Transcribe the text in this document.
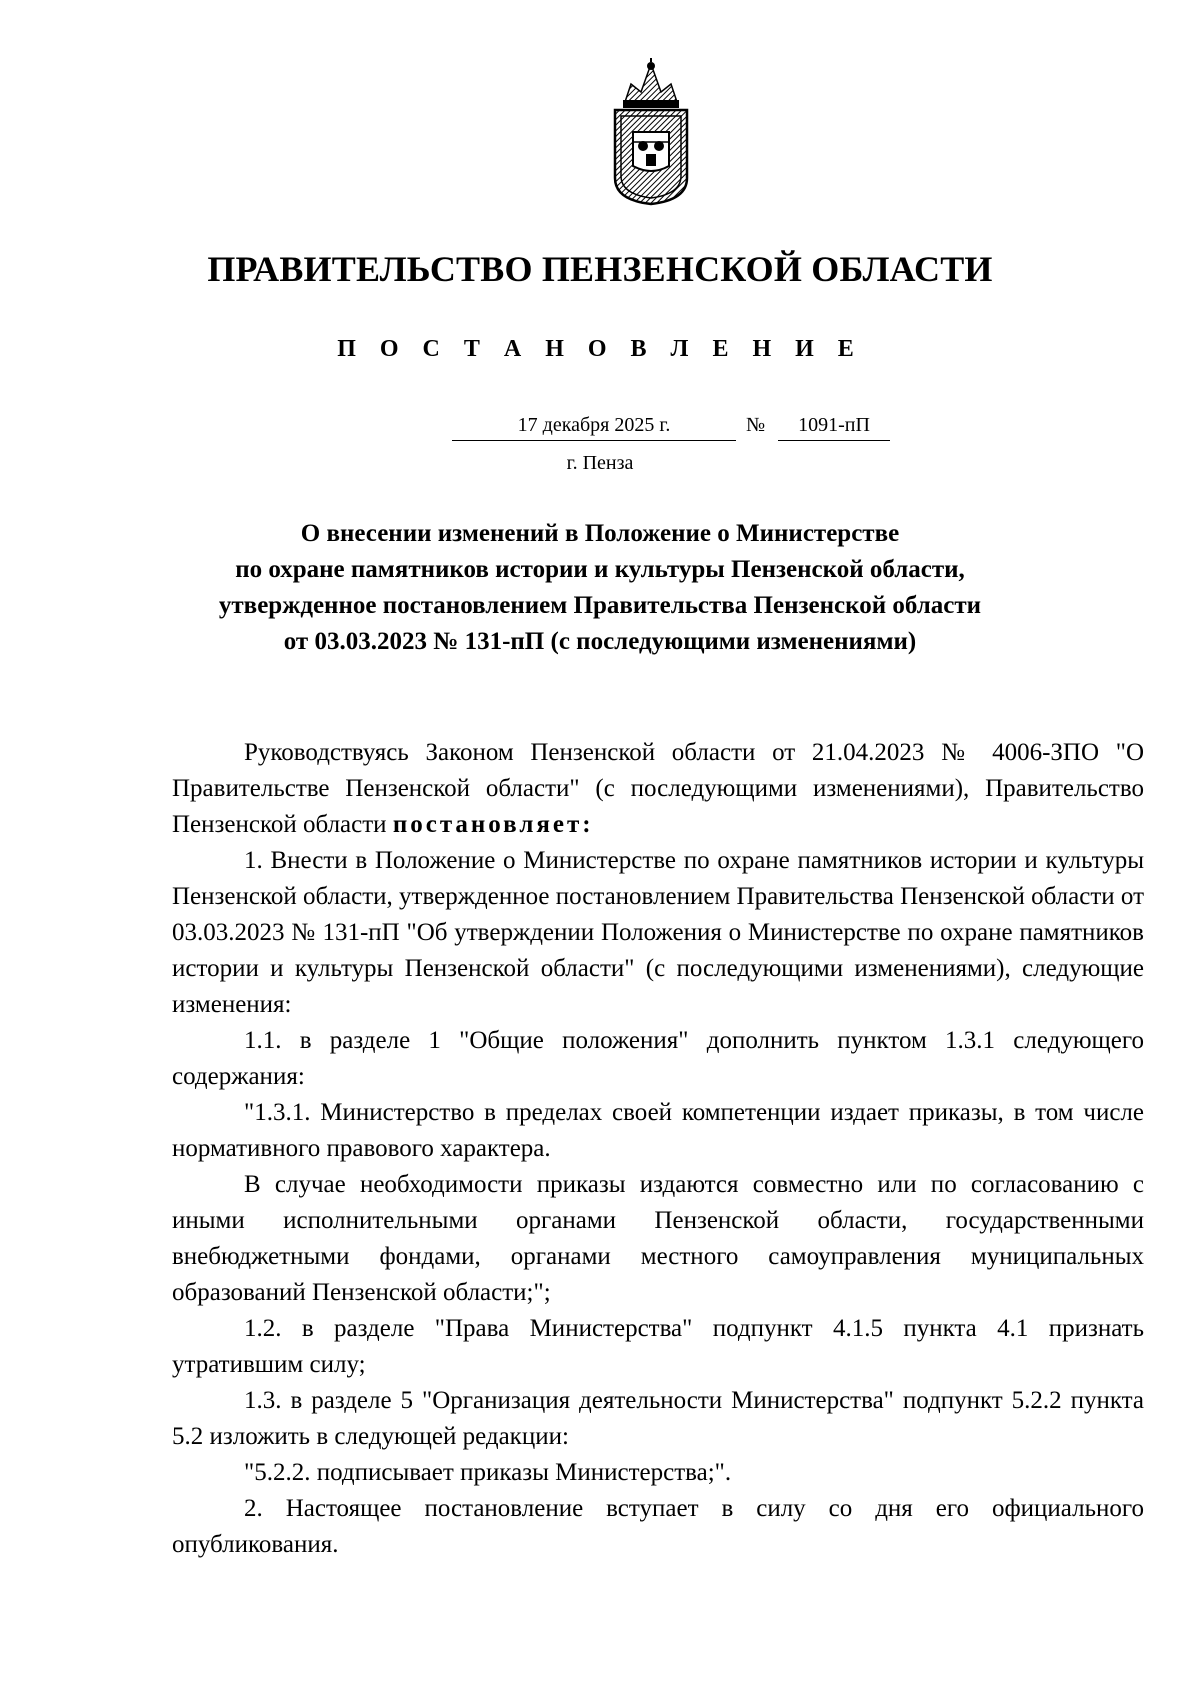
ПРАВИТЕЛЬСТВО ПЕНЗЕНСКОЙ ОБЛАСТИ
П О С Т А Н О В Л Е Н И Е
17 декабря 2025 г.	№	1091-пП
г. Пенза
О внесении изменений в Положение о Министерстве
по охране памятников истории и культуры Пензенской области,
утвержденное постановлением Правительства Пензенской области
от 03.03.2023 № 131-пП (с последующими изменениями)

Руководствуясь Законом Пензенской области от 21.04.2023 № 4006-ЗПО "О Правительстве Пензенской области" (с последующими изменениями), Правительство Пензенской области постановляет:

1. Внести в Положение о Министерстве по охране памятников истории и культуры Пензенской области, утвержденное постановлением Правительства Пензенской области от 03.03.2023 № 131-пП "Об утверждении Положения о Министерстве по охране памятников истории и культуры Пензенской области" (с последующими изменениями), следующие изменения:

1.1. в разделе 1 "Общие положения" дополнить пунктом 1.3.1 следующего содержания:

"1.3.1. Министерство в пределах своей компетенции издает приказы, в том числе нормативного правового характера.

В случае необходимости приказы издаются совместно или по согласованию с иными исполнительными органами Пензенской области, государственными внебюджетными фондами, органами местного самоуправления муниципальных образований Пензенской области;";

1.2. в разделе "Права Министерства" подпункт 4.1.5 пункта 4.1 признать утратившим силу;

1.3. в разделе 5 "Организация деятельности Министерства" подпункт 5.2.2 пункта 5.2 изложить в следующей редакции:

"5.2.2. подписывает приказы Министерства;".

2. Настоящее постановление вступает в силу со дня его официального опубликования.
